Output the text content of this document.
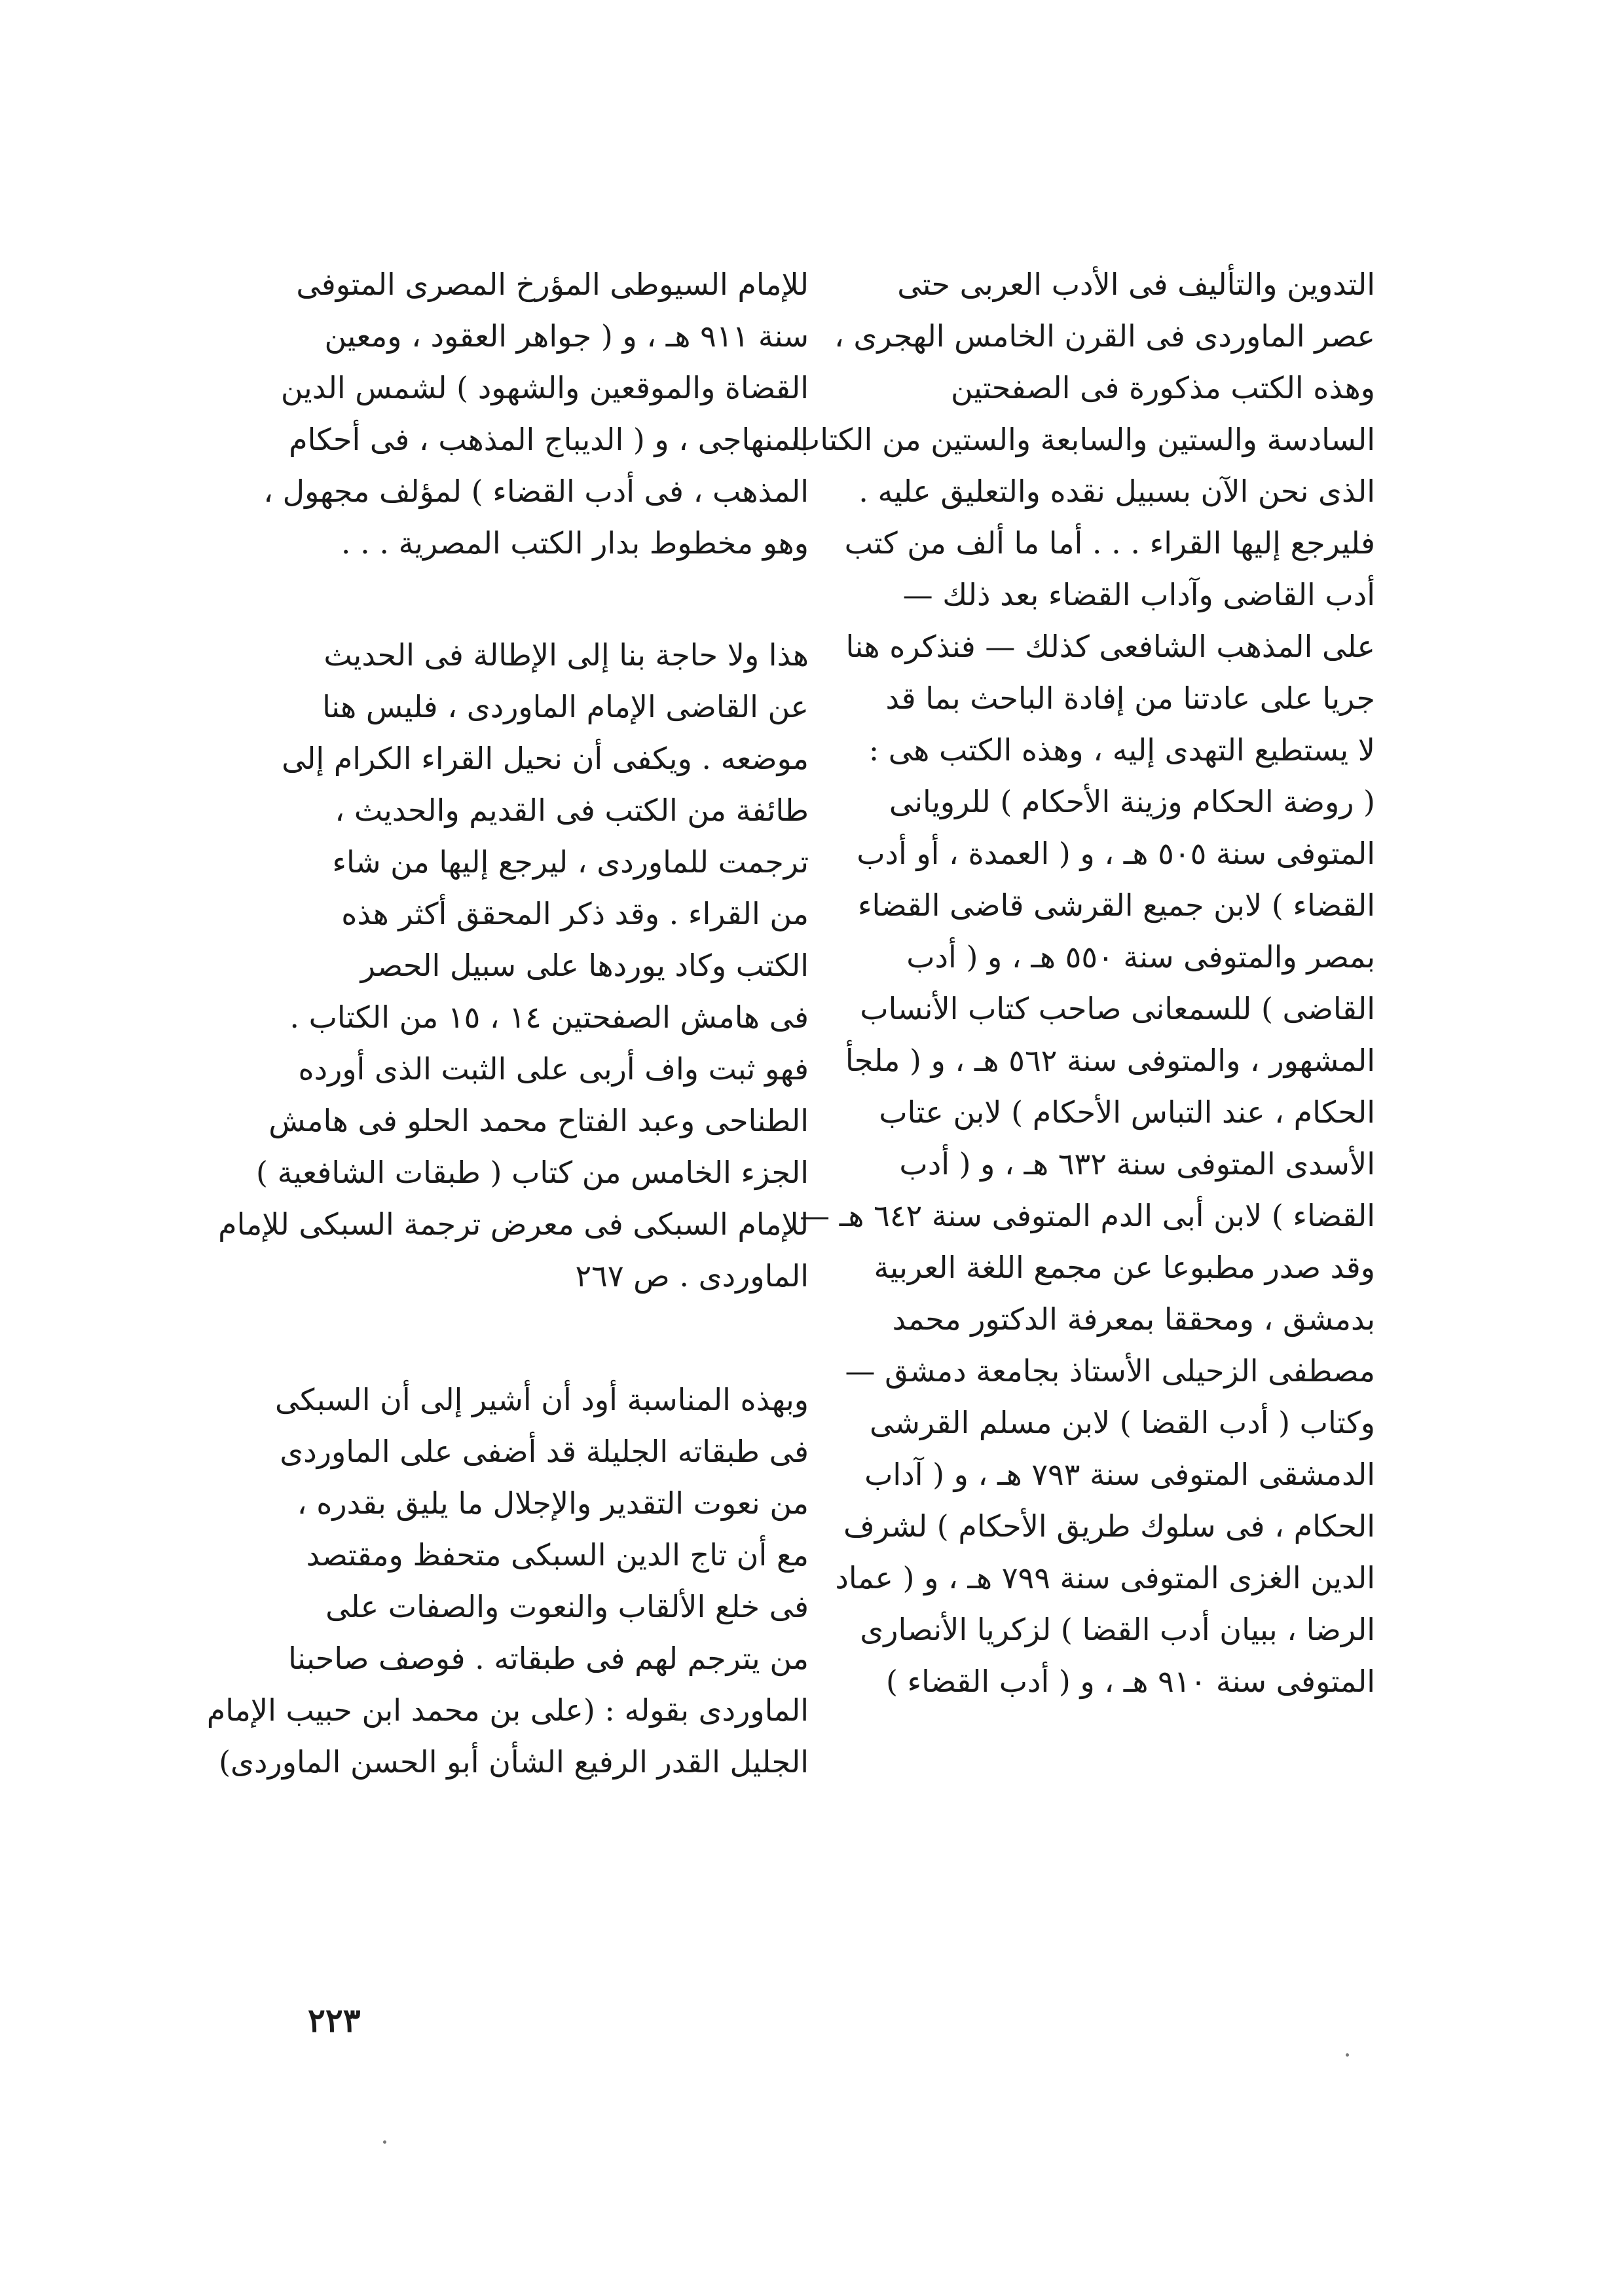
التدوين والتأليف فى الأدب العربى حتى
عصر الماوردى فى القرن الخامس الهجرى ،
وهذه الكتب مذكورة فى الصفحتين
السادسة والستين والسابعة والستين من الكتاب
الذى نحن الآن بسبيل نقده والتعليق عليه .
فليرجع إليها القراء . . . أما ما ألف من كتب
أدب القاضى وآداب القضاء بعد ذلك —
على المذهب الشافعى كذلك — فنذكره هنا
جريا على عادتنا من إفادة الباحث بما قد
لا يستطيع التهدى إليه ، وهذه الكتب هى :
( روضة الحكام وزينة الأحكام ) للرويانى
المتوفى سنة ٥٠٥ هـ ، و ( العمدة ، أو أدب
القضاء ) لابن جميع القرشى قاضى القضاء
بمصر والمتوفى سنة ٥٥٠ هـ ، و ( أدب
القاضى ) للسمعانى صاحب كتاب الأنساب
المشهور ، والمتوفى سنة ٥٦٢ هـ ، و ( ملجأ
الحكام ، عند التباس الأحكام ) لابن عتاب
الأسدى المتوفى سنة ٦٣٢ هـ ، و ( أدب
القضاء ) لابن أبى الدم المتوفى سنة ٦٤٢ هـ —
وقد صدر مطبوعا عن مجمع اللغة العربية
بدمشق ، ومحققا بمعرفة الدكتور محمد
مصطفى الزحيلى الأستاذ بجامعة دمشق —
وكتاب ( أدب القضا ) لابن مسلم القرشى
الدمشقى المتوفى سنة ٧٩٣ هـ ، و ( آداب
الحكام ، فى سلوك طريق الأحكام ) لشرف
الدين الغزى المتوفى سنة ٧٩٩ هـ ، و ( عماد
الرضا ، ببيان أدب القضا ) لزكريا الأنصارى
المتوفى سنة ٩١٠ هـ ، و ( أدب القضاء )
للإمام السيوطى المؤرخ المصرى المتوفى
سنة ٩١١ هـ ، و ( جواهر العقود ، ومعين
القضاة والموقعين والشهود ) لشمس الدين
المنهاجى ، و ( الديباج المذهب ، فى أحكام
المذهب ، فى أدب القضاء ) لمؤلف مجهول ،
وهو مخطوط بدار الكتب المصرية . . .
هذا ولا حاجة بنا إلى الإطالة فى الحديث
عن القاضى الإمام الماوردى ، فليس هنا
موضعه . ويكفى أن نحيل القراء الكرام إلى
طائفة من الكتب فى القديم والحديث ،
ترجمت للماوردى ، ليرجع إليها من شاء
من القراء . وقد ذكر المحقق أكثر هذه
الكتب وكاد يوردها على سبيل الحصر
فى هامش الصفحتين ١٤ ، ١٥ من الكتاب .
فهو ثبت واف أربى على الثبت الذى أورده
الطناحى وعبد الفتاح محمد الحلو فى هامش
الجزء الخامس من كتاب ( طبقات الشافعية )
للإمام السبكى فى معرض ترجمة السبكى للإمام
الماوردى . ص ٢٦٧
وبهذه المناسبة أود أن أشير إلى أن السبكى
فى طبقاته الجليلة قد أضفى على الماوردى
من نعوت التقدير والإجلال ما يليق بقدره ،
مع أن تاج الدين السبكى متحفظ ومقتصد
فى خلع الألقاب والنعوت والصفات على
من يترجم لهم فى طبقاته . فوصف صاحبنا
الماوردى بقوله : (على بن محمد ابن حبيب الإمام
الجليل القدر الرفيع الشأن أبو الحسن الماوردى)
٢٢٣
